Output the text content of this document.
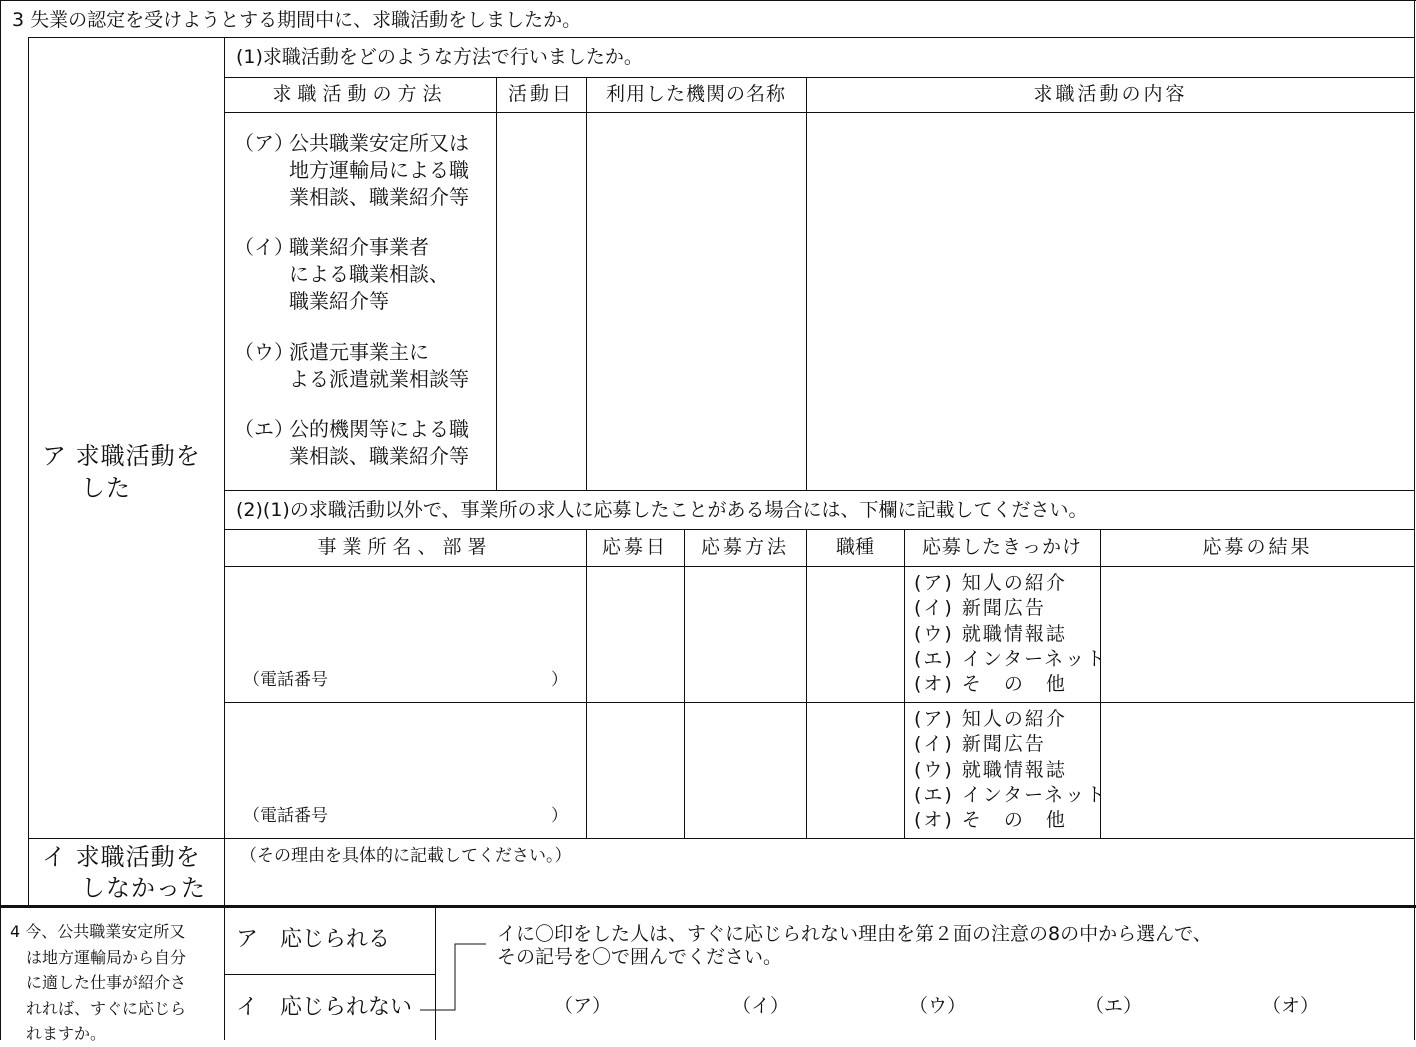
3 失業の認定を受けようとする期間中に、求職活動をしましたか。
ア 求職活動を
した
(1)求職活動をどのような方法で行いましたか。
求職活動の方法	活動日	利用した機関の名称	求職活動の内容
（ア）
公共職業安定所又は
地方運輸局による職
業相談、職業紹介等
（イ）
職業紹介事業者
による職業相談、
職業紹介等
（ウ）
派遣元事業主に
よる派遣就業相談等
（エ）
公的機関等による職
業相談、職業紹介等
(2)(1)の求職活動以外で、事業所の求人に応募したことがある場合には、下欄に記載してください。
事業所名、部署	応募日	応募方法	職種	応募したきっかけ	応募の結果
（電話番号	）
(ア) 知人の紹介
(イ) 新聞広告
(ウ) 就職情報誌
(エ) インターネット
(オ) そ　の　他
（電話番号	）
(ア) 知人の紹介
(イ) 新聞広告
(ウ) 就職情報誌
(エ) インターネット
(オ) そ　の　他
イ 求職活動を
しなかった
（その理由を具体的に記載してください。）
4 今、公共職業安定所又
は地方運輸局から自分
に適した仕事が紹介さ
れれば、すぐに応じら
れますか。
ア　応じられる
イ　応じられない
イに〇印をした人は、すぐに応じられない理由を第２面の注意の8の中から選んで、
その記号を〇で囲んでください。
（ア）	（イ）	（ウ）	（エ）	（オ）
